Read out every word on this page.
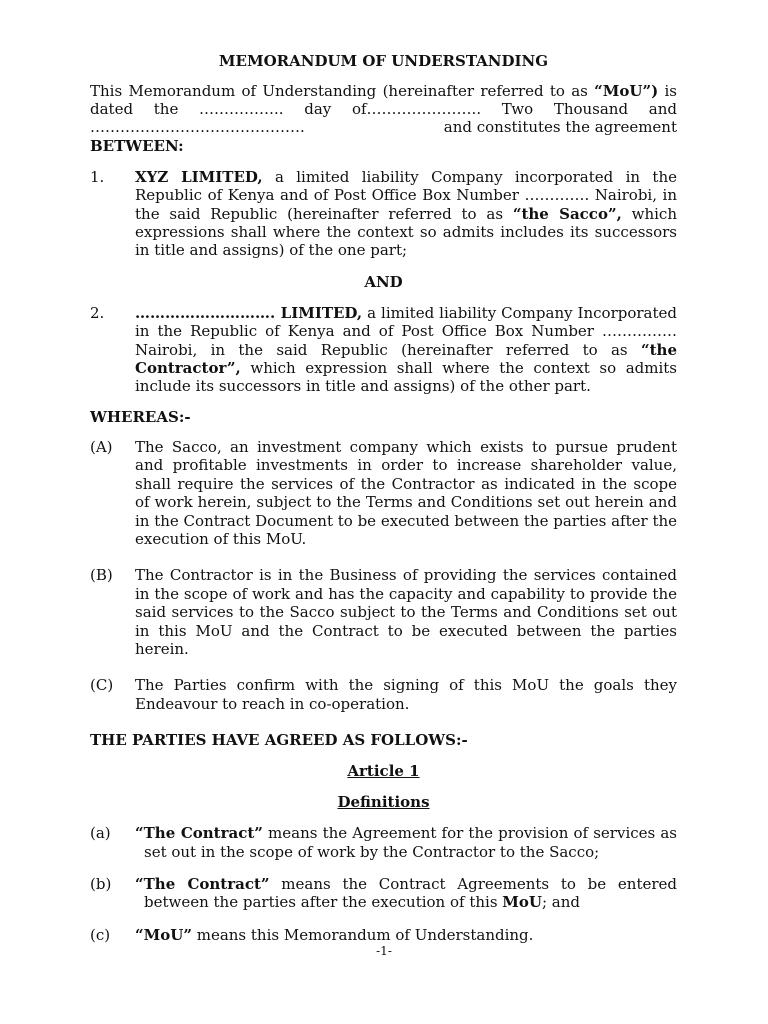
MEMORANDUM OF UNDERSTANDING

This Memorandum of Understanding (hereinafter referred to as “MoU”) is

dated the …………….. day of………………….. Two Thousand and

…………………………………….	and constitutes the agreement

BETWEEN:
1.	XYZ LIMITED, a limited liability Company incorporated in the Republic of Kenya and of Post Office Box Number …………. Nairobi, in the said Republic (hereinafter referred to as “the Sacco”, which expressions shall where the context so admits includes its successors in title and assigns) of the one part;
AND
2.	………………………. LIMITED, a limited liability Company Incorporated in the Republic of Kenya and of Post Office Box Number …………… Nairobi, in the said Republic (hereinafter referred to as “the Contractor”, which expression shall where the context so admits include its successors in title and assigns) of the other part.
WHEREAS:-
(A)	The Sacco, an investment company which exists to pursue prudent and profitable investments in order to increase shareholder value, shall require the services of the Contractor as indicated in the scope of work herein, subject to the Terms and Conditions set out herein and in the Contract Document to be executed between the parties after the execution of this MoU.
(B)	The Contractor is in the Business of providing the services contained in the scope of work and has the capacity and capability to provide the said services to the Sacco subject to the Terms and Conditions set out in this MoU and the Contract to be executed between the parties herein.
(C)	The Parties confirm with the signing of this MoU the goals they Endeavour to reach in co-operation.
THE PARTIES HAVE AGREED AS FOLLOWS:-
Article 1
Definitions
(a)	“The Contract” means the Agreement for the provision of services as

set out in the scope of work by the Contractor to the Sacco;

(b)	“The Contract” means the Contract Agreements to be entered

between the parties after the execution of this MoU; and

(c)	“MoU” means this Memorandum of Understanding.

-1-
